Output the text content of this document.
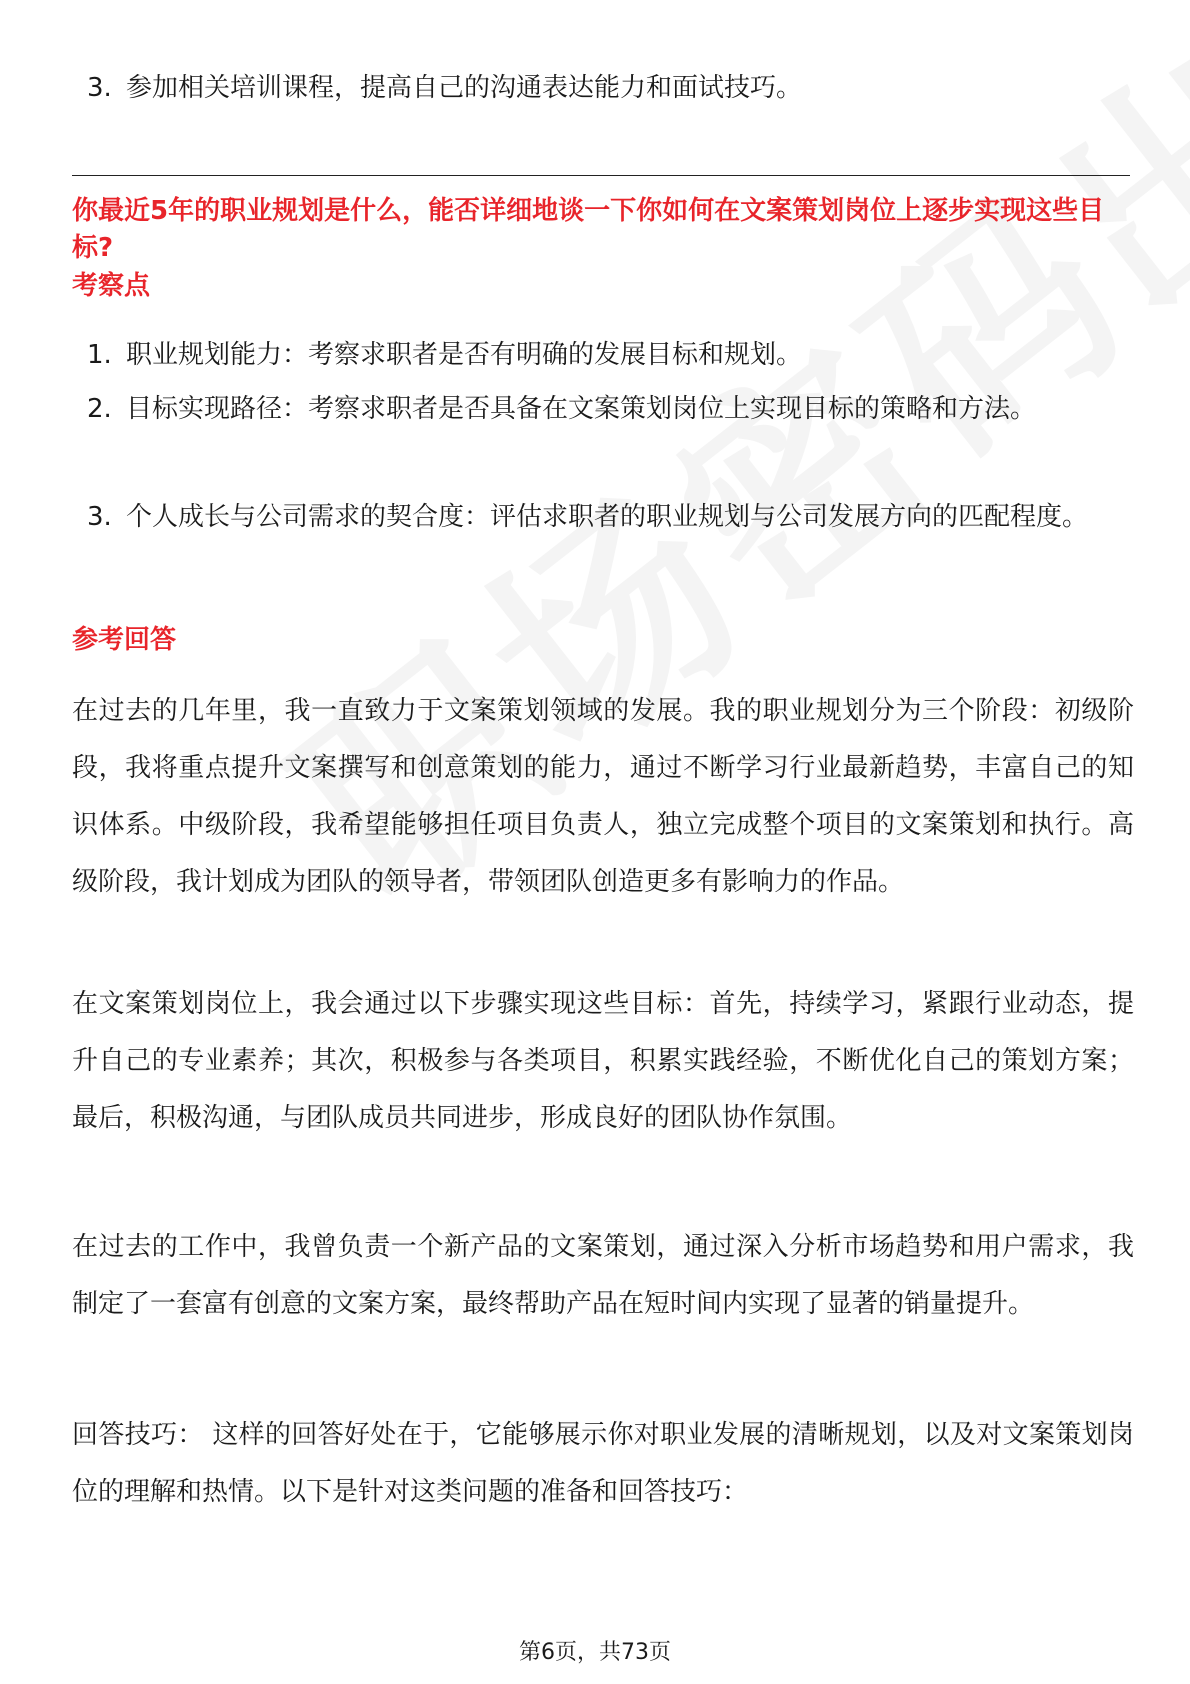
3. 参加相关培训课程，提高自己的沟通表达能力和面试技巧。
你最近5年的职业规划是什么，能否详细地谈一下你如何在文案策划岗位上逐步实现这些目标?
考察点
1. 职业规划能力：考察求职者是否有明确的发展目标和规划。
2. 目标实现路径：考察求职者是否具备在文案策划岗位上实现目标的策略和方法。
3. 个人成长与公司需求的契合度：评估求职者的职业规划与公司发展方向的匹配程度。
参考回答
在过去的几年里，我一直致力于文案策划领域的发展。我的职业规划分为三个阶段：初级阶段，我将重点提升文案撰写和创意策划的能力，通过不断学习行业最新趋势，丰富自己的知识体系。中级阶段，我希望能够担任项目负责人，独立完成整个项目的文案策划和执行。高级阶段，我计划成为团队的领导者，带领团队创造更多有影响力的作品。
在文案策划岗位上，我会通过以下步骤实现这些目标：首先，持续学习，紧跟行业动态，提升自己的专业素养；其次，积极参与各类项目，积累实践经验，不断优化自己的策划方案；最后，积极沟通，与团队成员共同进步，形成良好的团队协作氛围。
在过去的工作中，我曾负责一个新产品的文案策划，通过深入分析市场趋势和用户需求，我制定了一套富有创意的文案方案，最终帮助产品在短时间内实现了显著的销量提升。
回答技巧： 这样的回答好处在于，它能够展示你对职业发展的清晰规划，以及对文案策划岗位的理解和热情。以下是针对这类问题的准备和回答技巧：
第6页，共73页
